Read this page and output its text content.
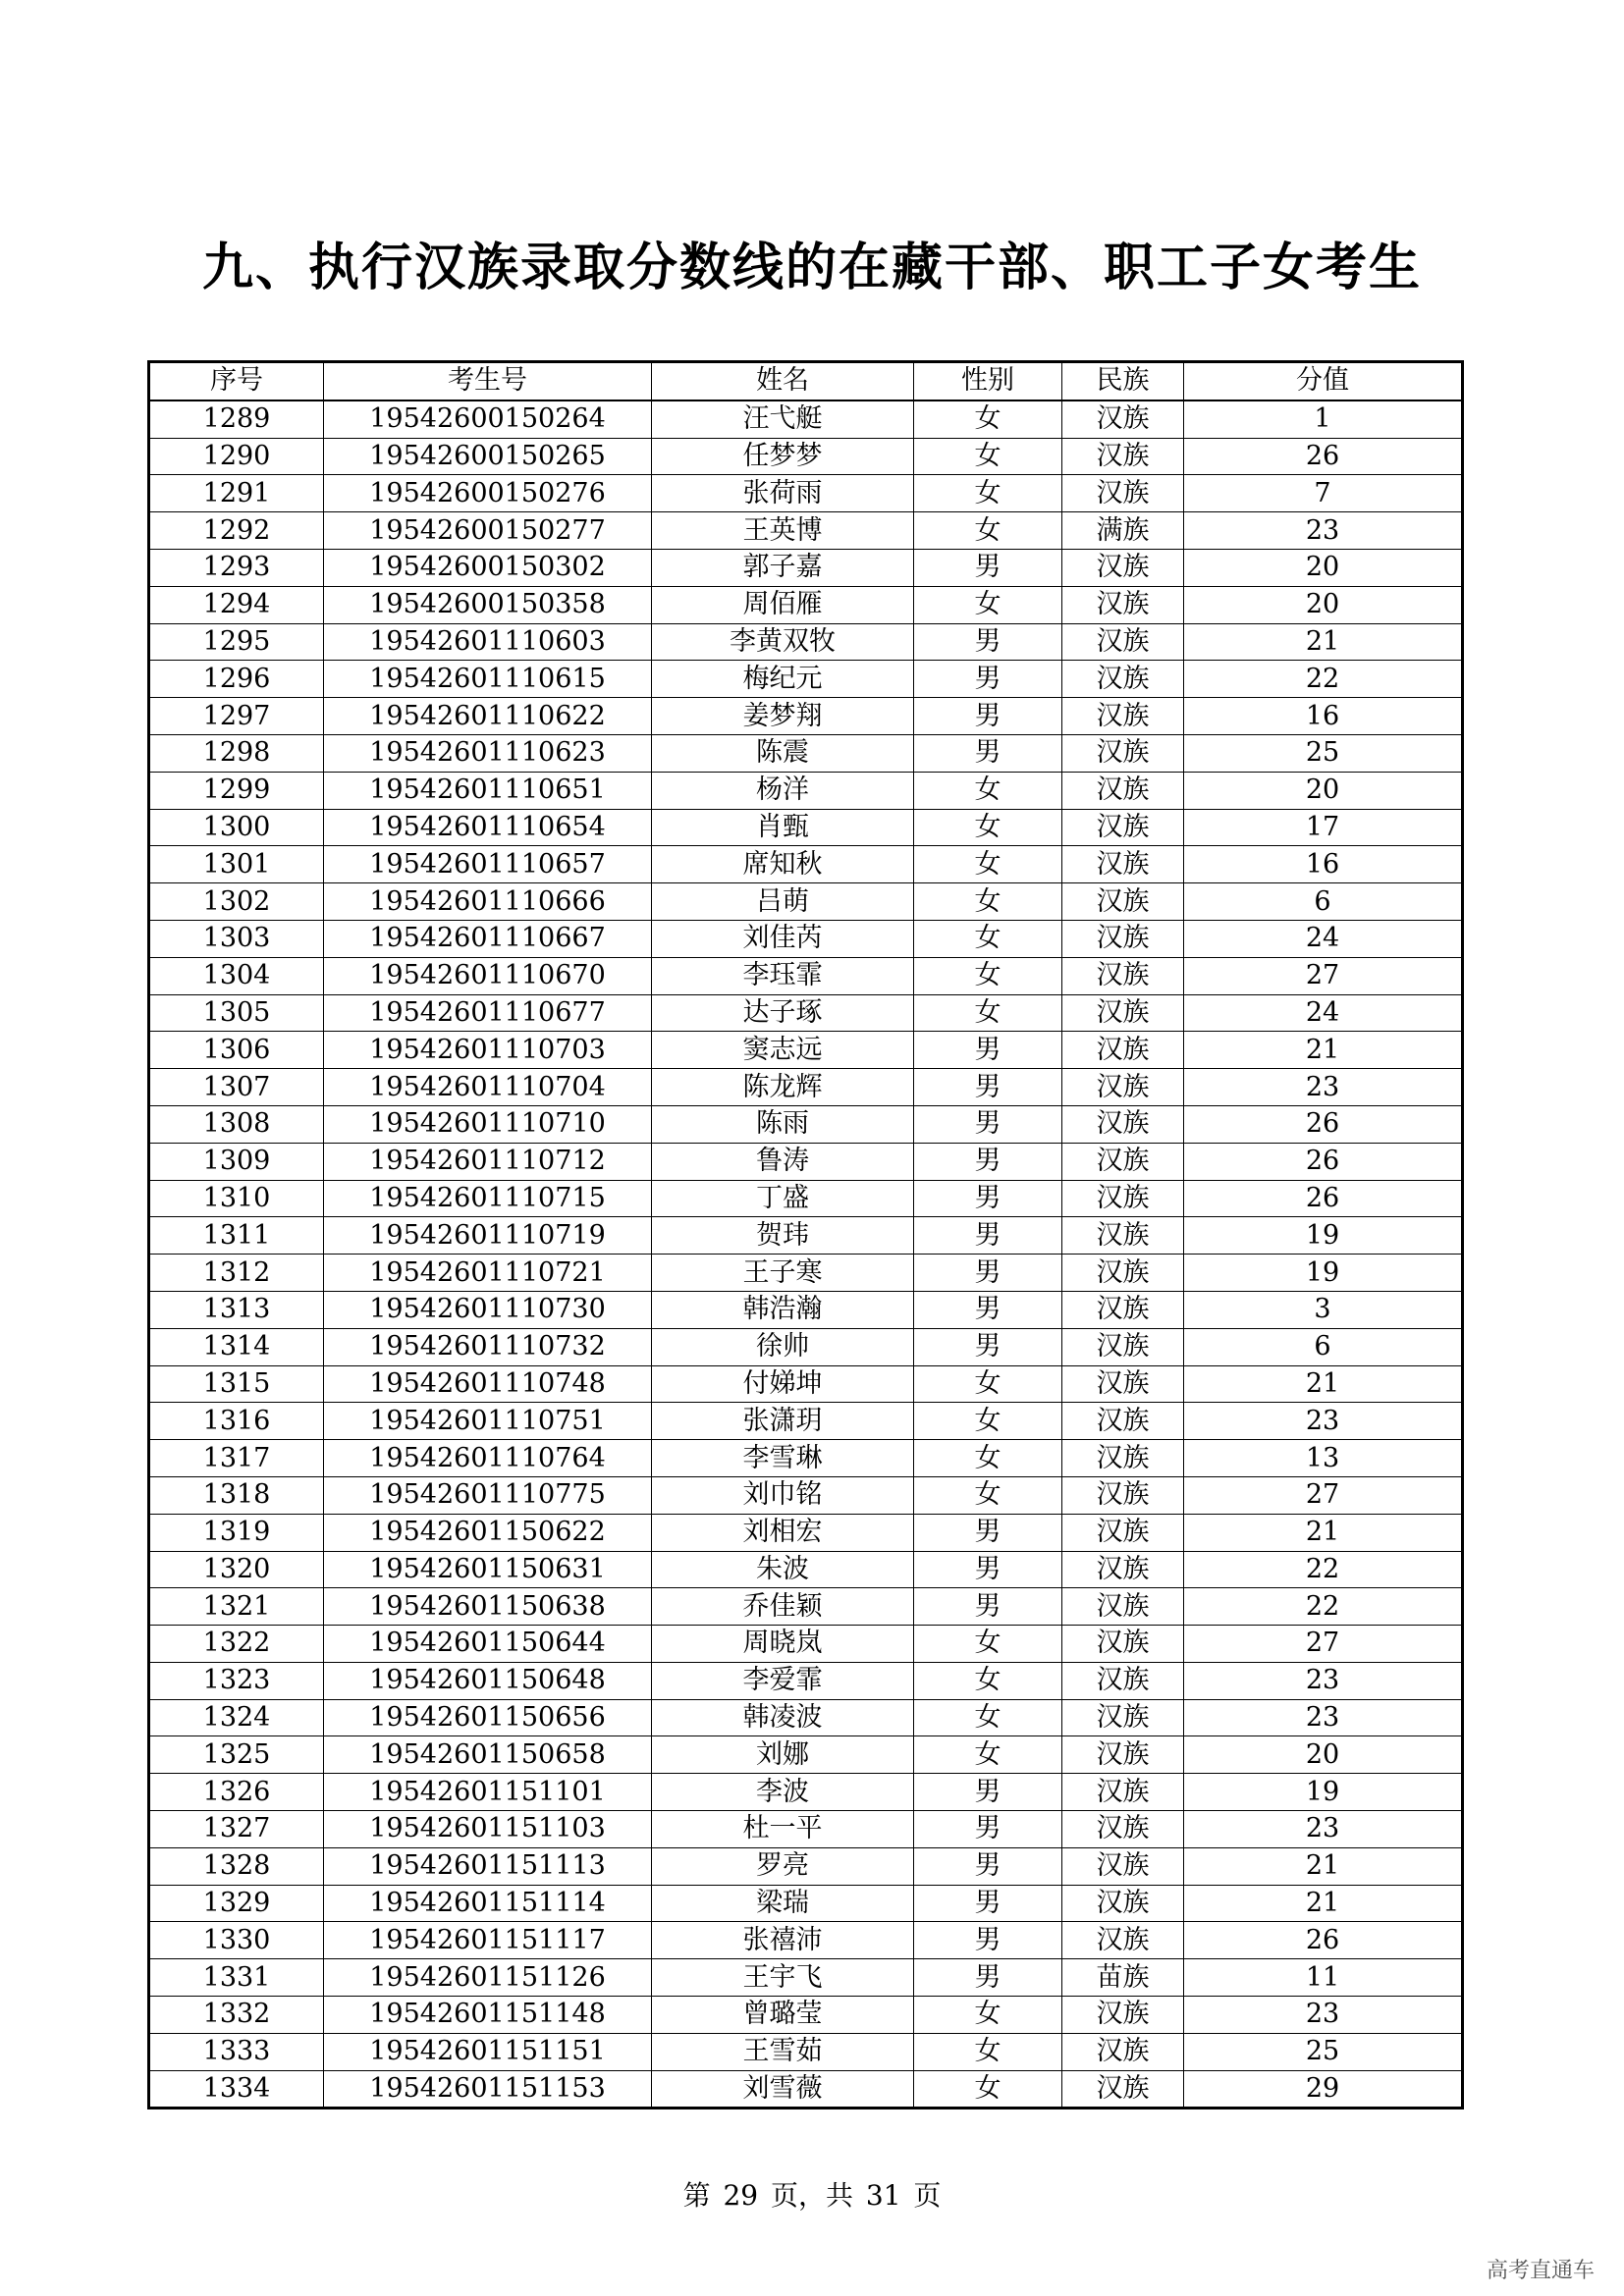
九、执行汉族录取分数线的在藏干部、职工子女考生
序号	考生号	姓名	性别	民族	分值
1289	19542600150264	汪弋艇	女	汉族	1
1290	19542600150265	任梦梦	女	汉族	26
1291	19542600150276	张荷雨	女	汉族	7
1292	19542600150277	王英博	女	满族	23
1293	19542600150302	郭子嘉	男	汉族	20
1294	19542600150358	周佰雁	女	汉族	20
1295	19542601110603	李黄双牧	男	汉族	21
1296	19542601110615	梅纪元	男	汉族	22
1297	19542601110622	姜梦翔	男	汉族	16
1298	19542601110623	陈震	男	汉族	25
1299	19542601110651	杨洋	女	汉族	20
1300	19542601110654	肖甄	女	汉族	17
1301	19542601110657	席知秋	女	汉族	16
1302	19542601110666	吕萌	女	汉族	6
1303	19542601110667	刘佳芮	女	汉族	24
1304	19542601110670	李珏霏	女	汉族	27
1305	19542601110677	达子琢	女	汉族	24
1306	19542601110703	窦志远	男	汉族	21
1307	19542601110704	陈龙辉	男	汉族	23
1308	19542601110710	陈雨	男	汉族	26
1309	19542601110712	鲁涛	男	汉族	26
1310	19542601110715	丁盛	男	汉族	26
1311	19542601110719	贺玮	男	汉族	19
1312	19542601110721	王子寒	男	汉族	19
1313	19542601110730	韩浩瀚	男	汉族	3
1314	19542601110732	徐帅	男	汉族	6
1315	19542601110748	付娣坤	女	汉族	21
1316	19542601110751	张潇玥	女	汉族	23
1317	19542601110764	李雪琳	女	汉族	13
1318	19542601110775	刘巾铭	女	汉族	27
1319	19542601150622	刘相宏	男	汉族	21
1320	19542601150631	朱波	男	汉族	22
1321	19542601150638	乔佳颖	男	汉族	22
1322	19542601150644	周晓岚	女	汉族	27
1323	19542601150648	李爱霏	女	汉族	23
1324	19542601150656	韩凌波	女	汉族	23
1325	19542601150658	刘娜	女	汉族	20
1326	19542601151101	李波	男	汉族	19
1327	19542601151103	杜一平	男	汉族	23
1328	19542601151113	罗亮	男	汉族	21
1329	19542601151114	梁瑞	男	汉族	21
1330	19542601151117	张禧沛	男	汉族	26
1331	19542601151126	王宇飞	男	苗族	11
1332	19542601151148	曾璐莹	女	汉族	23
1333	19542601151151	王雪茹	女	汉族	25
1334	19542601151153	刘雪薇	女	汉族	29
第 29 页，共 31 页
高考直通车
